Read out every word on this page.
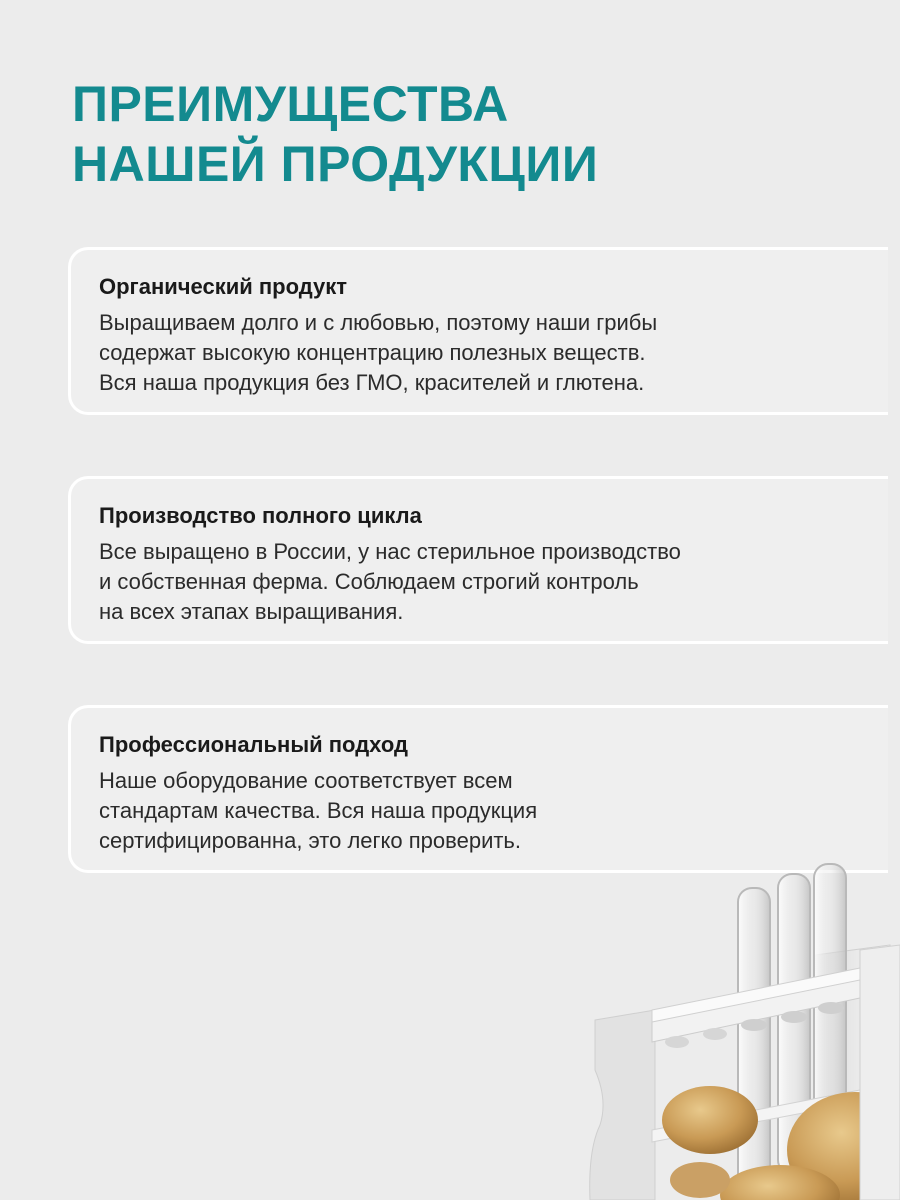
ПРЕИМУЩЕСТВА
НАШЕЙ ПРОДУКЦИИ
Органический продукт

Выращиваем долго и с любовью, поэтому наши грибы
содержат высокую концентрацию полезных веществ.
Вся наша продукция без ГМО, красителей и глютена.

Производство полного цикла

Все выращено в России, у нас стерильное производство
и собственная ферма. Соблюдаем строгий контроль
на всех этапах выращивания.

Профессиональный подход

Наше оборудование соответствует всем
стандартам качества. Вся наша продукция
сертифицированна, это легко проверить.
